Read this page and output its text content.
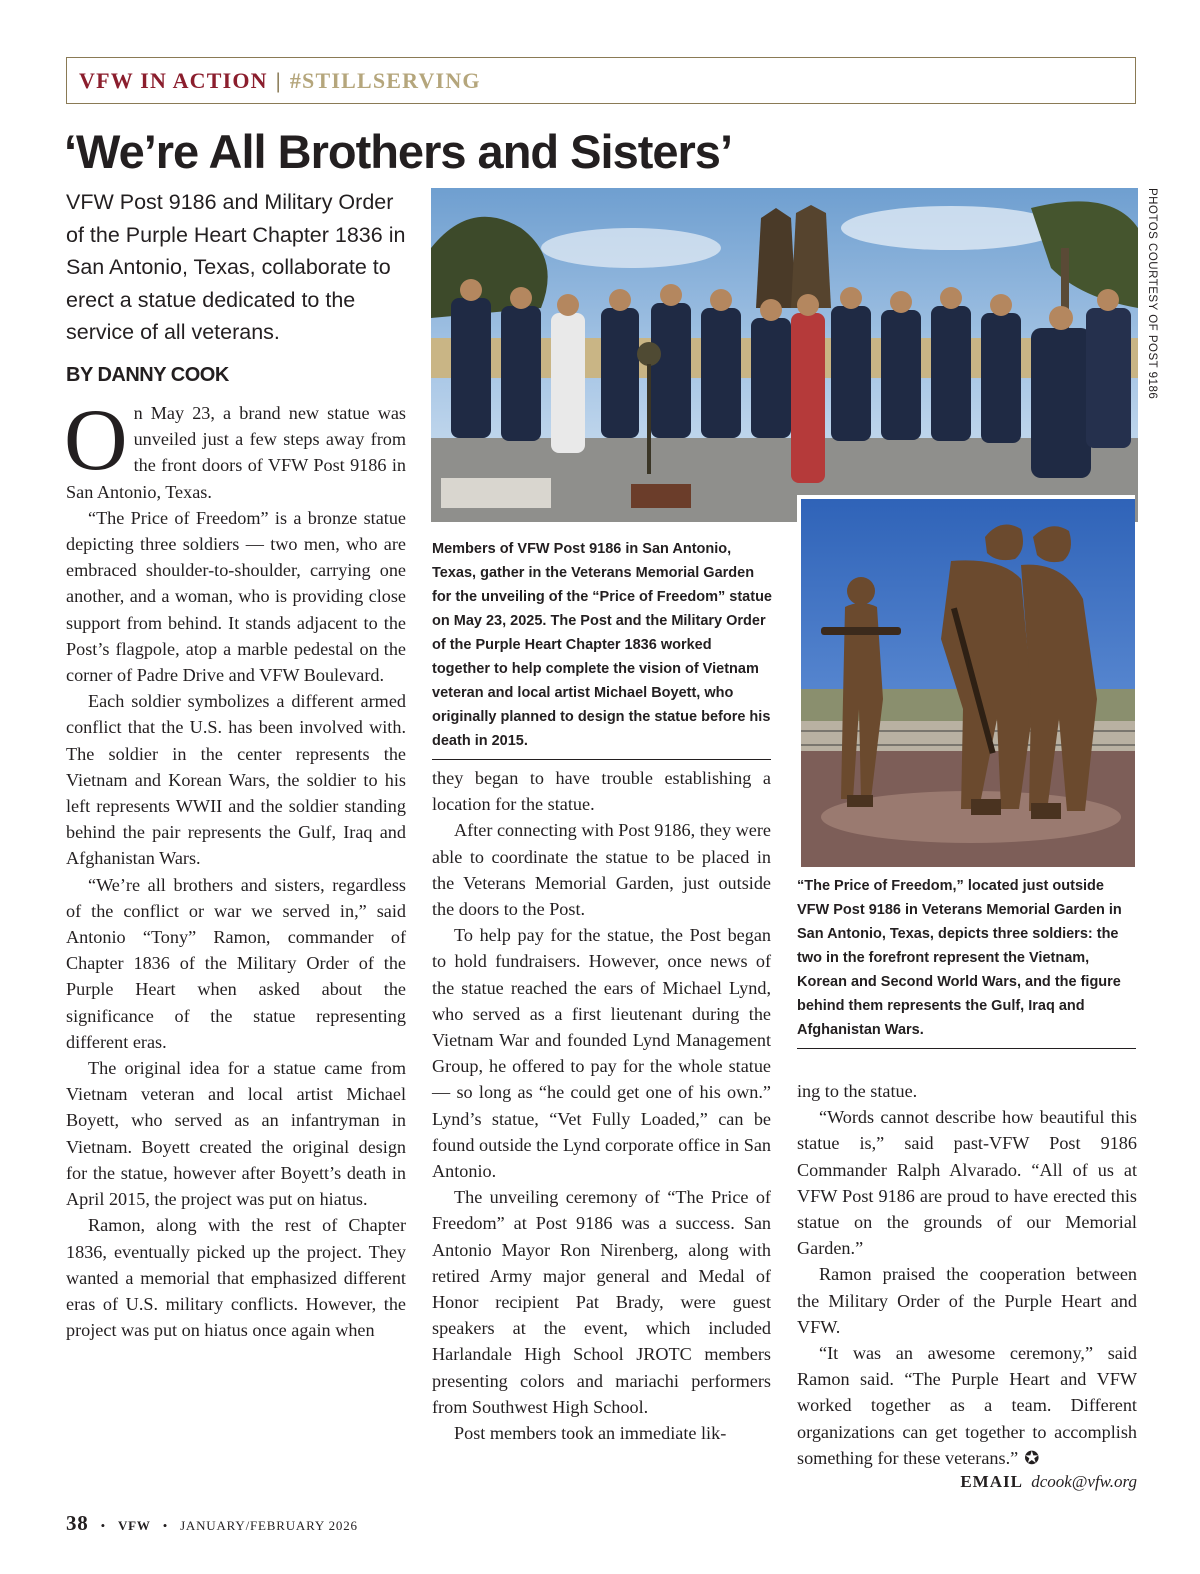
VFW IN ACTION | #STILLSERVING
‘We’re All Brothers and Sisters’

VFW Post 9186 and Military Order of the Purple Heart Chapter 1836 in San Antonio, Texas, collaborate to erect a statue dedicated to the service of all veterans.

BY DANNY COOK

On May 23, a brand new statue was unveiled just a few steps away from the front doors of VFW Post 9186 in San Antonio, Texas.

“The Price of Freedom” is a bronze statue depicting three soldiers — two men, who are embraced shoulder-to-shoulder, carrying one another, and a woman, who is providing close support from behind. It stands adjacent to the Post’s flagpole, atop a marble pedestal on the corner of Padre Drive and VFW Boulevard.

Each soldier symbolizes a different armed conflict that the U.S. has been involved with. The soldier in the center represents the Vietnam and Korean Wars, the soldier to his left represents WWII and the soldier standing behind the pair represents the Gulf, Iraq and Afghanistan Wars.

“We’re all brothers and sisters, regardless of the conflict or war we served in,” said Antonio “Tony” Ramon, commander of Chapter 1836 of the Military Order of the Purple Heart when asked about the significance of the statue representing different eras.

The original idea for a statue came from Vietnam veteran and local artist Michael Boyett, who served as an infantryman in Vietnam. Boyett created the original design for the statue, however after Boyett’s death in April 2015, the project was put on hiatus.

Ramon, along with the rest of Chapter 1836, eventually picked up the project. They wanted a memorial that emphasized different eras of U.S. military conflicts. However, the project was put on hiatus once again when

PHOTOS COURTESY OF POST 9186
Members of VFW Post 9186 in San Antonio, Texas, gather in the Veterans Memorial Garden for the unveiling of the “Price of Freedom” statue on May 23, 2025. The Post and the Military Order of the Purple Heart Chapter 1836 worked together to help complete the vision of Vietnam veteran and local artist Michael Boyett, who originally planned to design the statue before his death in 2015.

they began to have trouble establishing a location for the statue.

After connecting with Post 9186, they were able to coordinate the statue to be placed in the Veterans Memorial Garden, just outside the doors to the Post.

To help pay for the statue, the Post began to hold fundraisers. However, once news of the statue reached the ears of Michael Lynd, who served as a first lieutenant during the Vietnam War and founded Lynd Management Group, he offered to pay for the whole statue — so long as “he could get one of his own.” Lynd’s statue, “Vet Fully Loaded,” can be found outside the Lynd corporate office in San Antonio.

The unveiling ceremony of “The Price of Freedom” at Post 9186 was a success. San Antonio Mayor Ron Nirenberg, along with retired Army major general and Medal of Honor recipient Pat Brady, were guest speakers at the event, which included Harlandale High School JROTC members presenting colors and mariachi performers from Southwest High School.

Post members took an immediate lik-

“The Price of Freedom,” located just outside VFW Post 9186 in Veterans Memorial Garden in San Antonio, Texas, depicts three soldiers: the two in the forefront represent the Vietnam, Korean and Second World Wars, and the figure behind them represents the Gulf, Iraq and Afghanistan Wars.

ing to the statue.

“Words cannot describe how beautiful this statue is,” said past-VFW Post 9186 Commander Ralph Alvarado. “All of us at VFW Post 9186 are proud to have erected this statue on the grounds of our Memorial Garden.”

Ramon praised the cooperation between the Military Order of the Purple Heart and VFW.

“It was an awesome ceremony,” said Ramon said. “The Purple Heart and VFW worked together as a team. Different organizations can get together to accomplish something for these veterans.” ✪

EMAIL dcook@vfw.org
38 • VFW • JANUARY/FEBRUARY 2026
